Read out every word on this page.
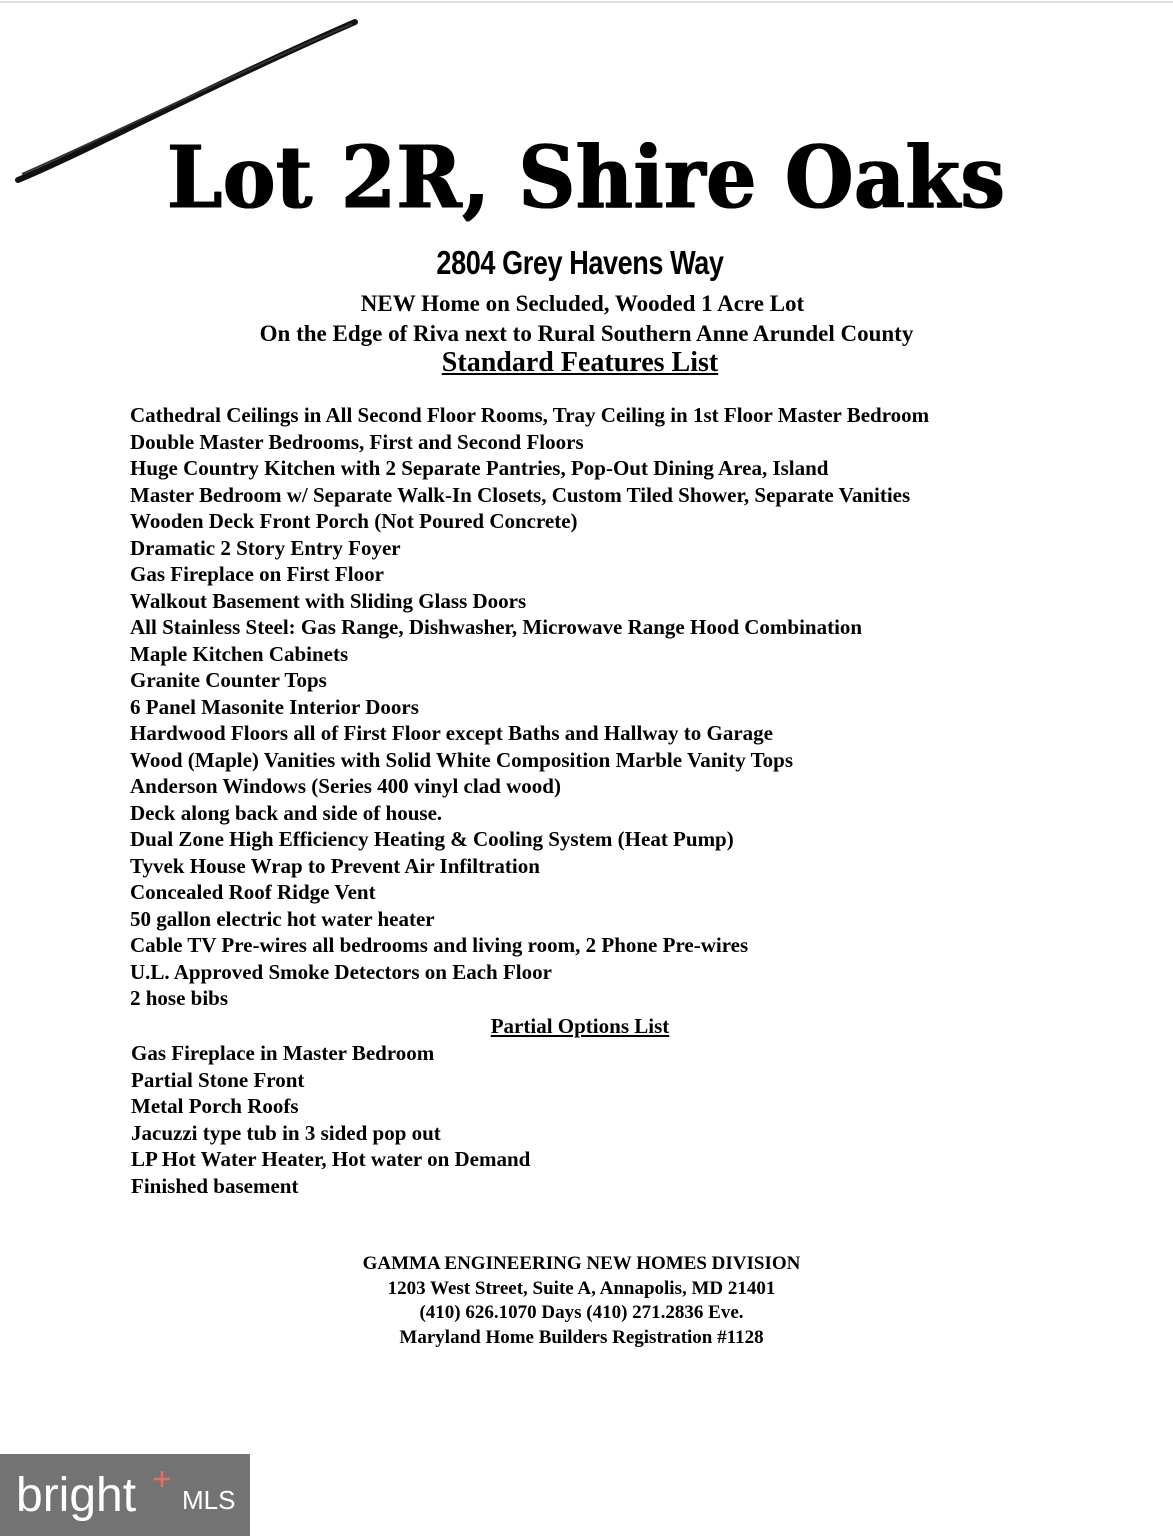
Lot 2R, Shire Oaks
2804 Grey Havens Way
NEW Home on Secluded, Wooded 1 Acre Lot
On the Edge of Riva next to Rural Southern Anne Arundel County
Standard Features List
Cathedral Ceilings in All Second Floor Rooms, Tray Ceiling in 1st Floor Master Bedroom
Double Master Bedrooms, First and Second Floors
Huge Country Kitchen with 2 Separate Pantries, Pop-Out Dining Area, Island
Master Bedroom w/ Separate Walk-In Closets, Custom Tiled Shower, Separate Vanities
Wooden Deck Front Porch (Not Poured Concrete)
Dramatic 2 Story Entry Foyer
Gas Fireplace on First Floor
Walkout Basement with Sliding Glass Doors
All Stainless Steel: Gas Range, Dishwasher, Microwave Range Hood Combination
Maple Kitchen Cabinets
Granite Counter Tops
6 Panel Masonite Interior Doors
Hardwood Floors all of First Floor except Baths and Hallway to Garage
Wood (Maple) Vanities with Solid White Composition Marble Vanity Tops
Anderson Windows (Series 400 vinyl clad wood)
Deck along back and side of house.
Dual Zone High Efficiency Heating & Cooling System (Heat Pump)
Tyvek House Wrap to Prevent Air Infiltration
Concealed Roof Ridge Vent
50 gallon electric hot water heater
Cable TV Pre-wires all bedrooms and living room, 2 Phone Pre-wires
U.L. Approved Smoke Detectors on Each Floor
2 hose bibs
Partial Options List
Gas Fireplace in Master Bedroom
Partial Stone Front
Metal Porch Roofs
Jacuzzi type tub in 3 sided pop out
LP Hot Water Heater, Hot water on Demand
Finished basement
GAMMA ENGINEERING NEW HOMES DIVISION
1203 West Street, Suite A, Annapolis, MD 21401
(410) 626.1070 Days (410) 271.2836 Eve.
Maryland Home Builders Registration #1128
bright MLS
